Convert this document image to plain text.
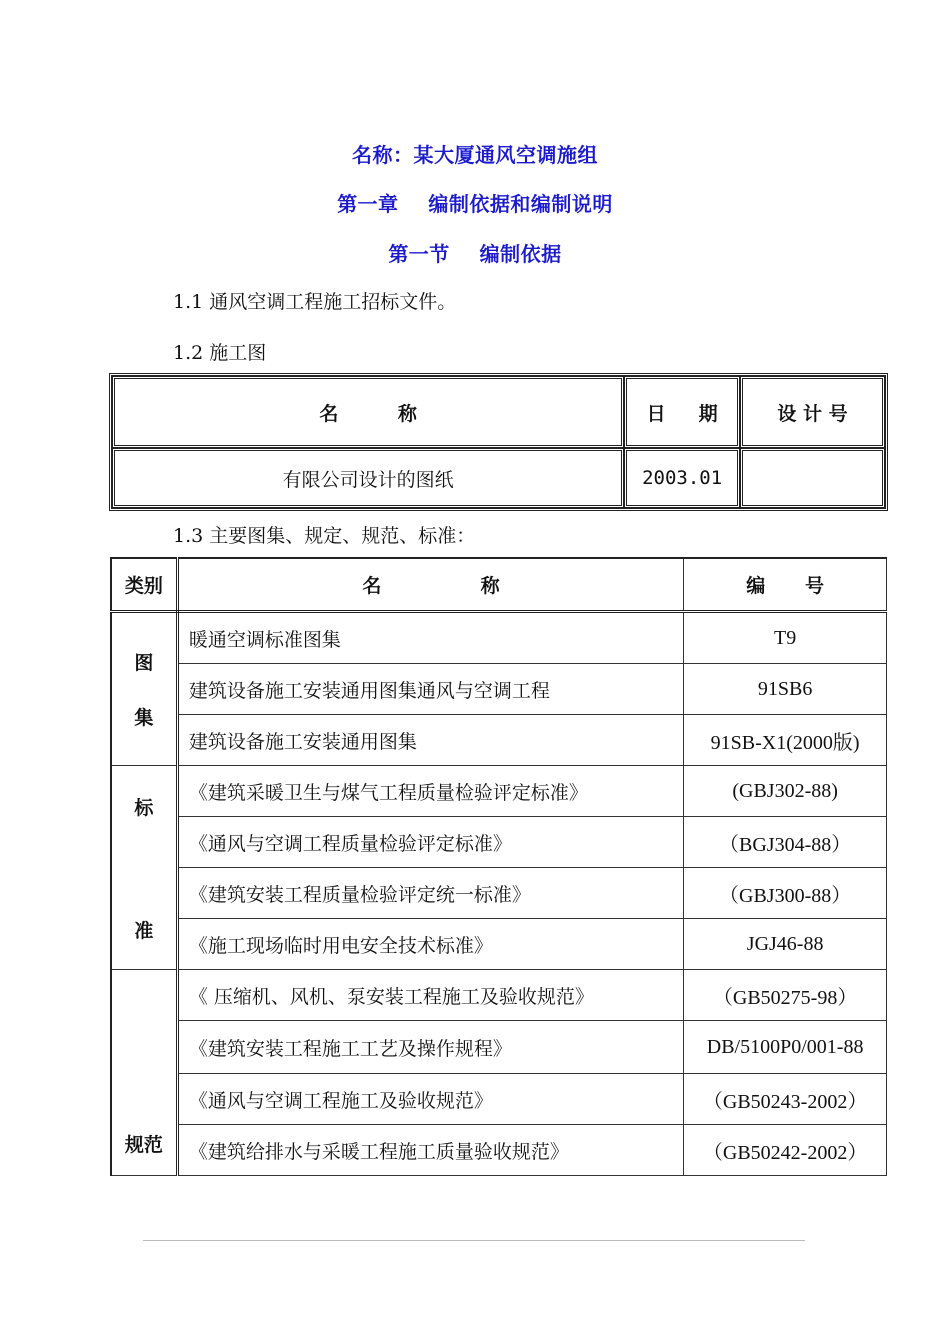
名称：某大厦通风空调施组
第一章    编制依据和编制说明
第一节    编制依据
1.1 通风空调工程施工招标文件。
1.2 施工图
名         称	日     期	设 计 号
有限公司设计的图纸	2003.01	
1.3 主要图集、规定、规范、标准：
类别	名               称	编      号

图
集	暖通空调标准图集	T9
	建筑设备施工安装通用图集通风与空调工程	91SB6
	建筑设备施工安装通用图集	91SB-X1(2000版)

标
准	《建筑采暖卫生与煤气工程质量检验评定标准》	(GBJ302-88)
	《通风与空调工程质量检验评定标准》	（BGJ304-88）
	《建筑安装工程质量检验评定统一标准》	（GBJ300-88）
	《施工现场临时用电安全技术标准》	JGJ46-88
规范	《 压缩机、风机、泵安装工程施工及验收规范》	（GB50275-98）
	《建筑安装工程施工工艺及操作规程》	DB/5100P0/001-88
	《通风与空调工程施工及验收规范》	（GB50243-2002）
	《建筑给排水与采暖工程施工质量验收规范》	（GB50242-2002）
